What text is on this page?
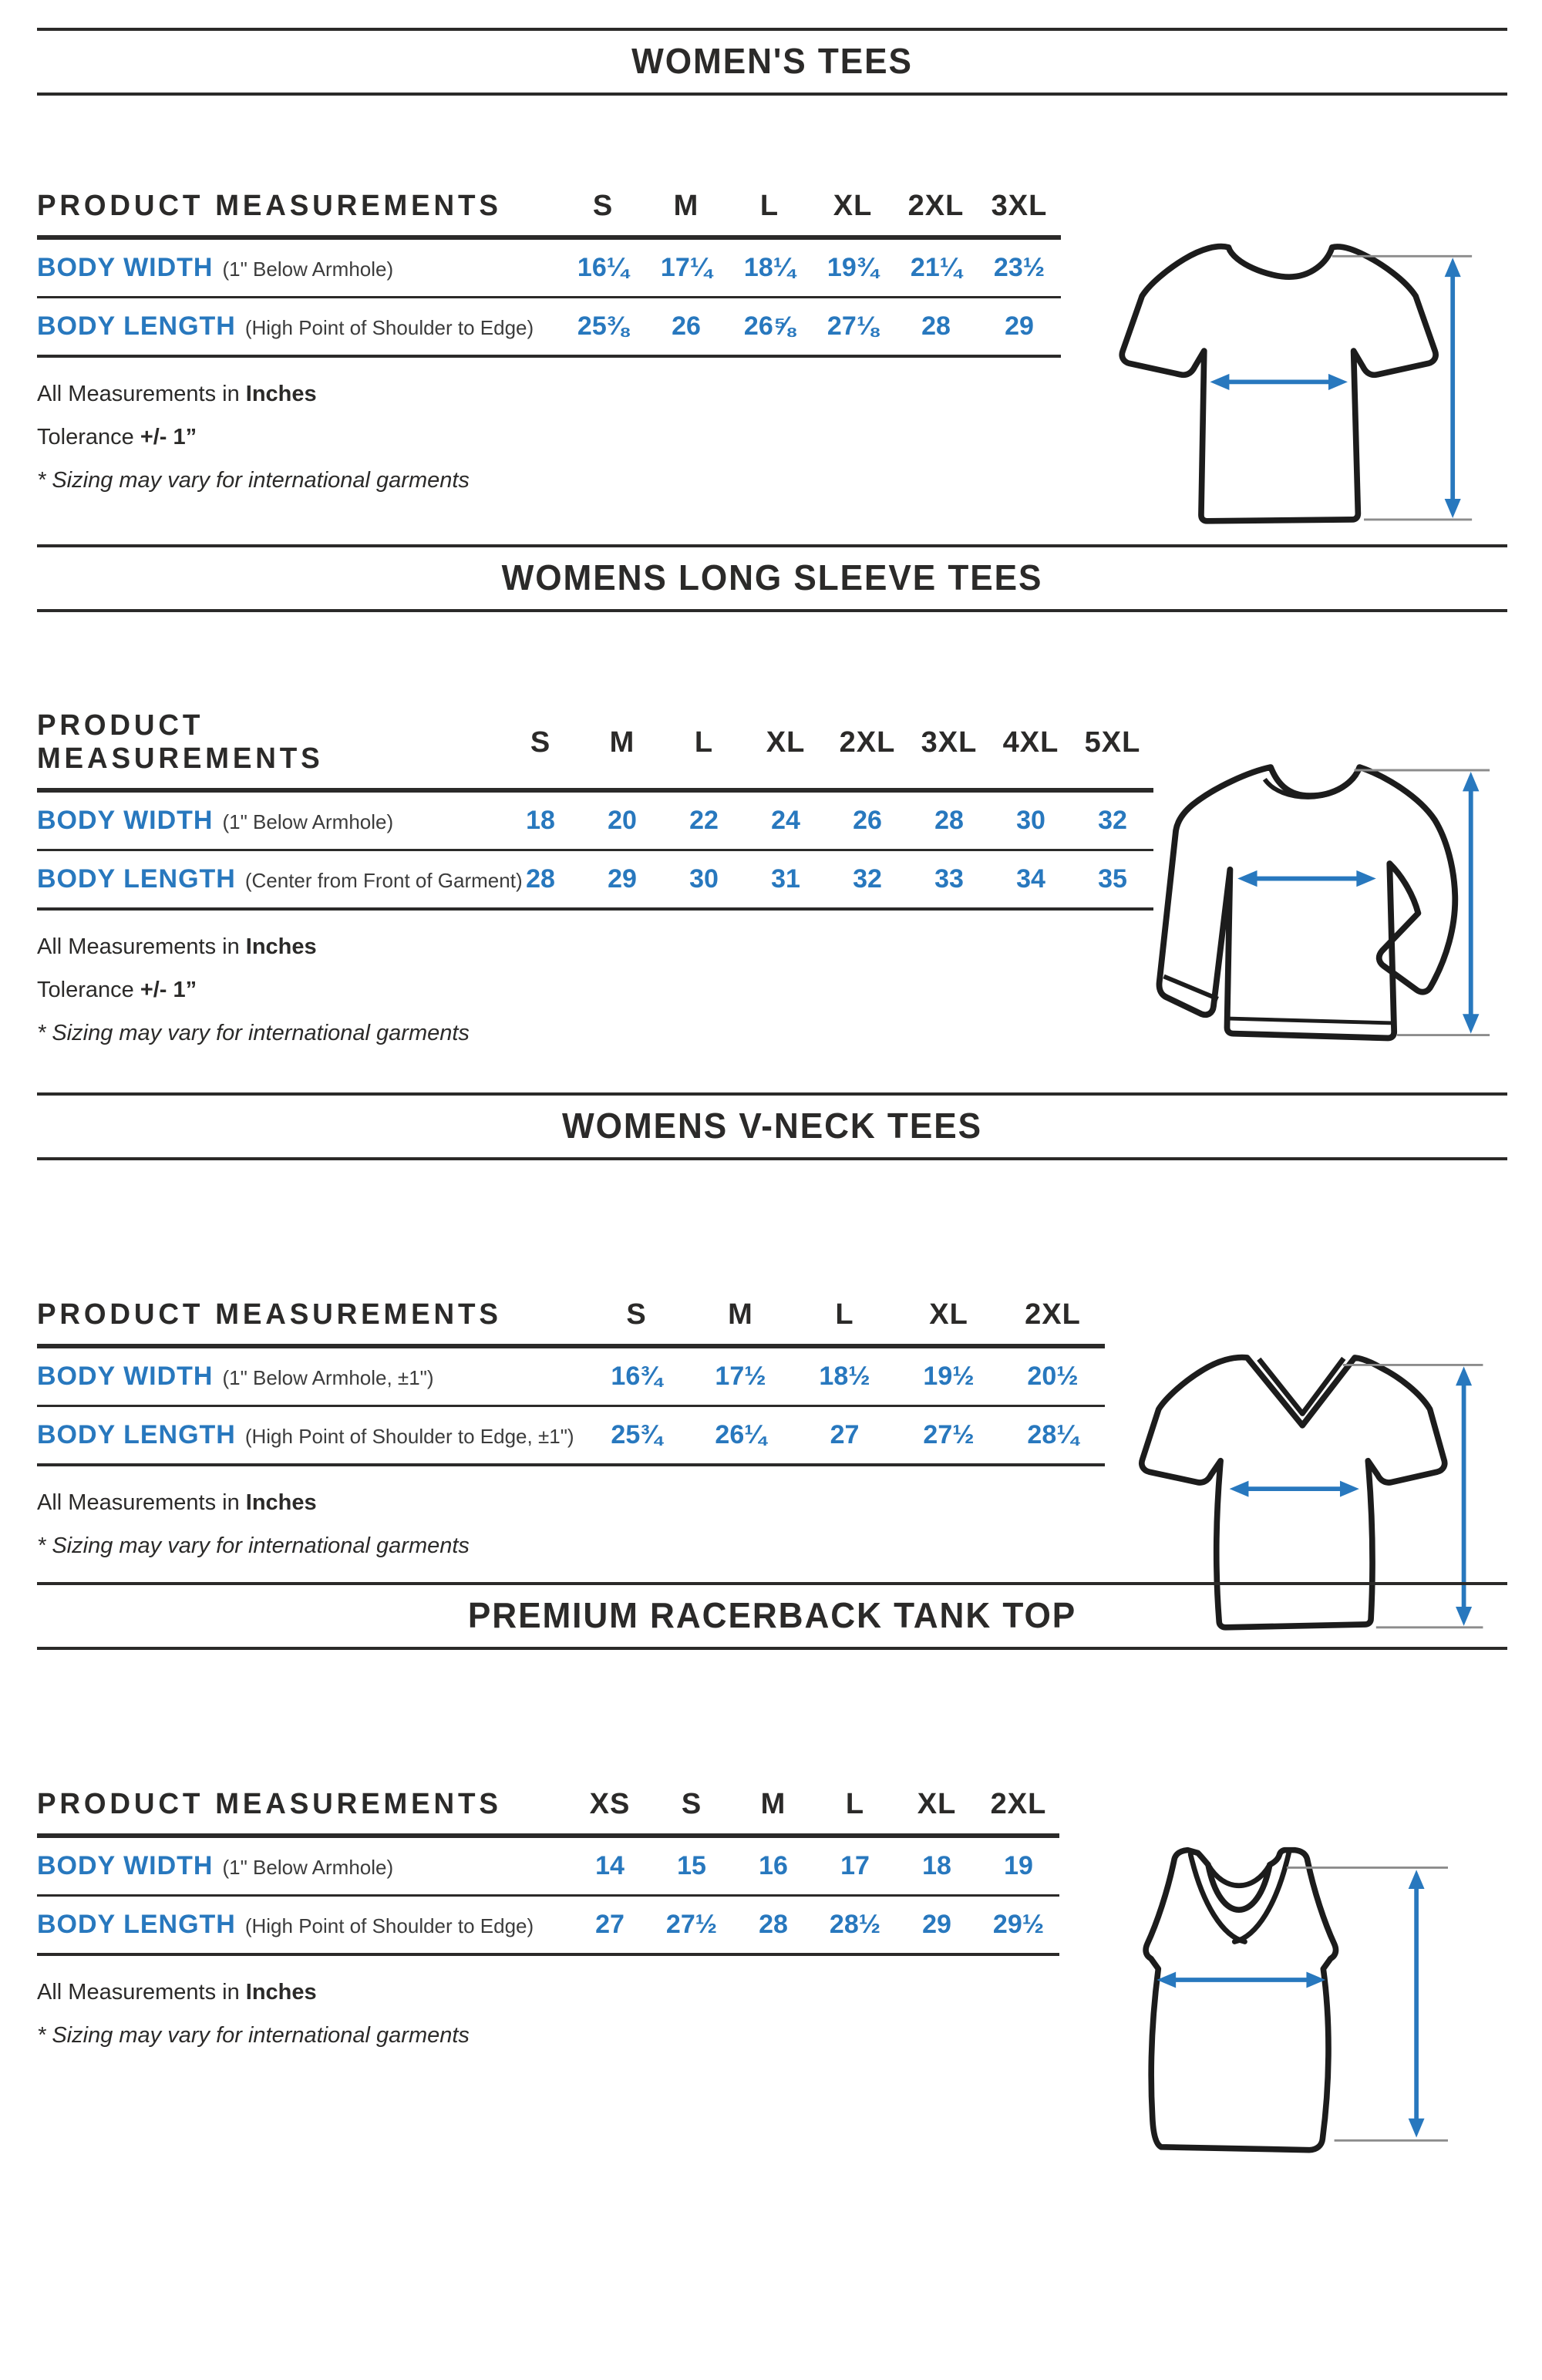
WOMEN'S TEES
PRODUCT MEASUREMENTS	S	M	L	XL	2XL 3XL
BODY WIDTH (1" Below Armhole)	16¼	17¼	18¼	19¾	21¼	23½
BODY LENGTH (High Point of Shoulder to Edge)	25⅜	26	26⅝	27⅛	28	29
All Measurements in Inches
Tolerance +/- 1”
* Sizing may vary for international garments
WOMENS LONG SLEEVE TEES
PRODUCT MEASUREMENTS
S	M	L	XL	2XL 3XL 4XL 5XL
BODY WIDTH (1" Below Armhole)	18	20	22	24	26	28	30	32
BODY LENGTH (Center from Front of Garment) 28	29	30	31	32	33	34	35
All Measurements in Inches
Tolerance +/- 1”
* Sizing may vary for international garments
WOMENS V-NECK TEES
PRODUCT MEASUREMENTS	S	M	L	XL	2XL
BODY WIDTH (1" Below Armhole, ±1")	16¾	17½	18½	19½	20½
BODY LENGTH (High Point of Shoulder to Edge, ±1")	25¾	26¼	27	27½	28¼
All Measurements in Inches
* Sizing may vary for international garments
PREMIUM RACERBACK TANK TOP
PRODUCT MEASUREMENTS	XS	S	M	L	XL	2XL
BODY WIDTH (1" Below Armhole)	14	15	16	17	18	19
BODY LENGTH (High Point of Shoulder to Edge)	27	27½	28	28½	29	29½
All Measurements in Inches
* Sizing may vary for international garments
